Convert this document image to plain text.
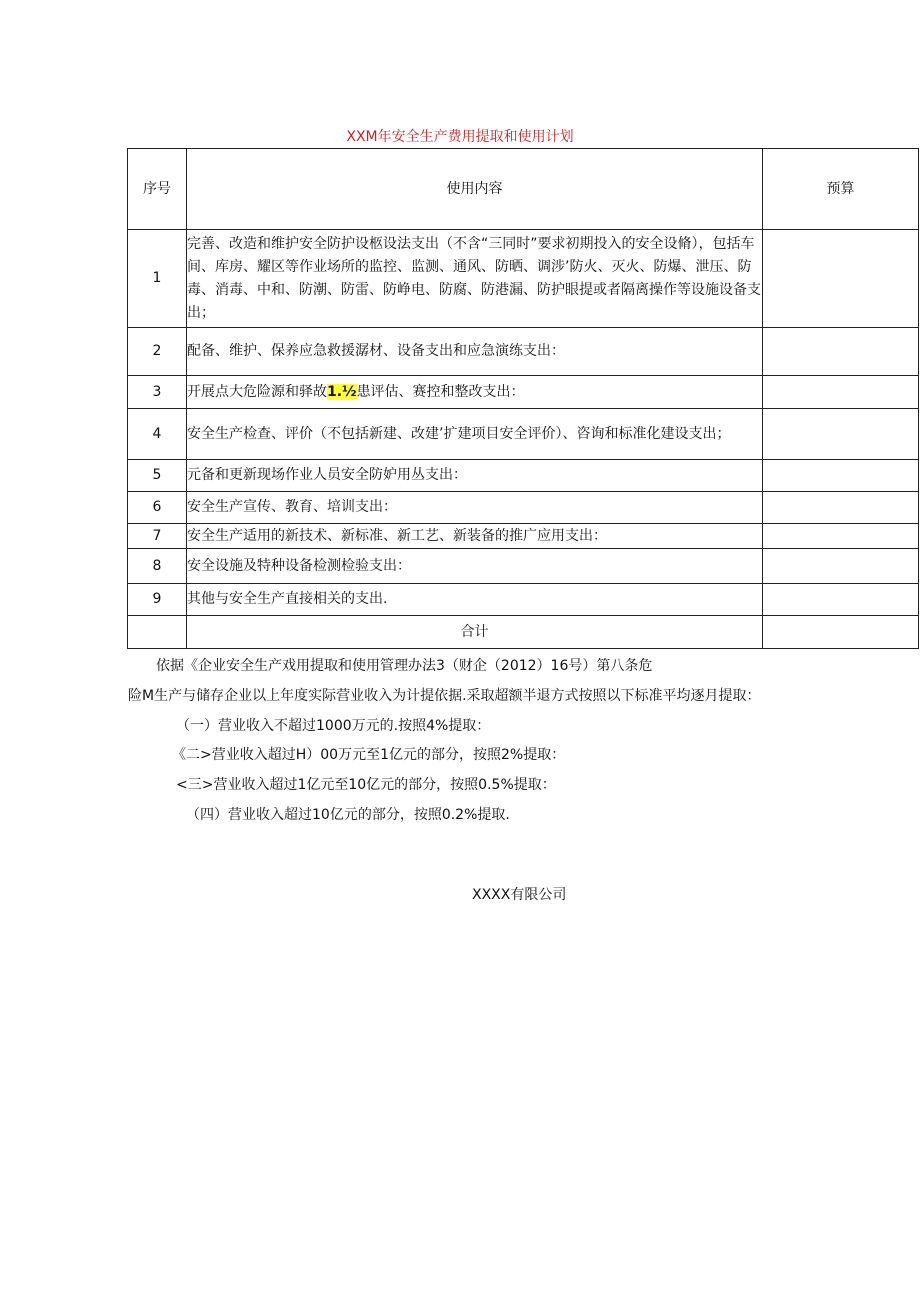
XXM年安全生产费用提取和使用计划
序号	使用内容	预算
1	完善、改造和维护安全防护设柩设法支出（不含“三同时”要求初期投入的安全设脩），包括车间、库房、耀区等作业场所的监控、监测、通风、防晒、调涉’防火、灭火、防爆、泄压、防毒、消毒、中和、防潮、防雷、防峥电、防腐、防港漏、防护眼提或者隔离操作等设施设备支出；	
2	配备、维护、保养应急救援潺材、设备支出和应急演练支出：	
3	开展点大危险源和驿故1.½患评估、赛控和整改支出：	
4	安全生产检查、评价（不包括新建、改建’扩建项目安全评价）、咨询和标准化建设支出；	
5	元备和更新现场作业人员安全防妒用丛支出：	
6	安全生产宣传、教育、培训支出：	
7	安全生产适用的新技术、新标准、新工艺、新装备的推广应用支出：	
8	安全设施及特种设备检测检验支出：	
9	其他与安全生产直接相关的支出.	
	合计	
依据《企业安全生产戏用提取和使用管理办法3（财企（2012）16号）第八条危
险M生产与储存企业以上年度实际营业收入为计提依据.采取超额半退方式按照以下标准平均逐月提取：
（一）营业收入不超过1000万元的.按照4%提取：
《二>营业收入超过H）00万元至1亿元的部分，按照2%提取：
<三>营业收入超过1亿元至10亿元的部分，按照0.5%提取：
（四）营业收入超过10亿元的部分，按照0.2%提取.
XXXX有限公司
